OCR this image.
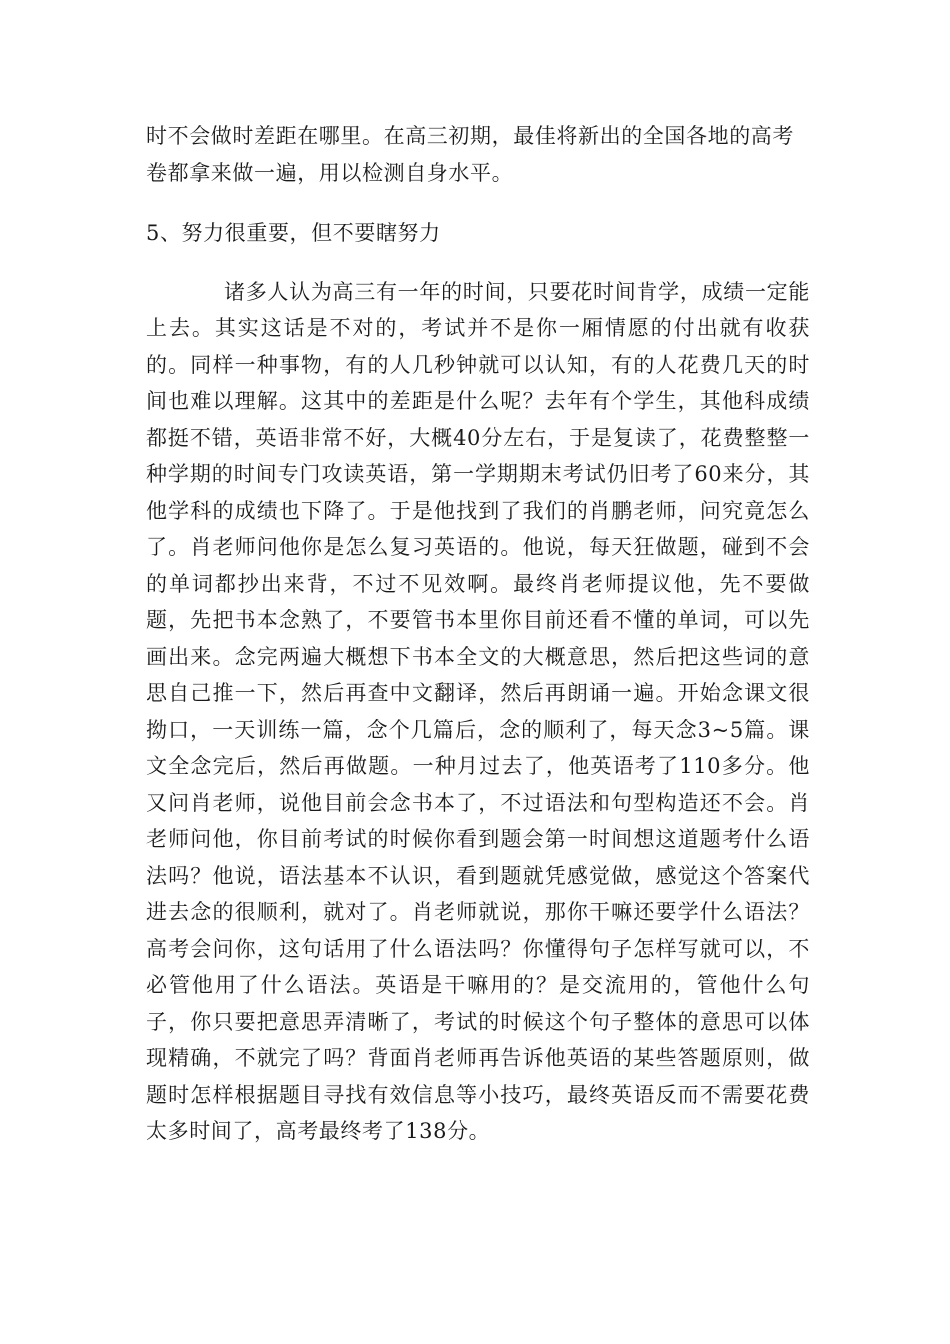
时不会做时差距在哪里。在高三初期，最佳将新出的全国各地的高考卷都拿来做一遍，用以检测自身水平。

5、努力很重要，但不要瞎努力

诸多人认为高三有一年的时间，只要花时间肯学，成绩一定能上去。其实这话是不对的，考试并不是你一厢情愿的付出就有收获的。同样一种事物，有的人几秒钟就可以认知，有的人花费几天的时间也难以理解。这其中的差距是什么呢？去年有个学生，其他科成绩都挺不错，英语非常不好，大概40分左右，于是复读了，花费整整一种学期的时间专门攻读英语，第一学期期末考试仍旧考了60来分，其他学科的成绩也下降了。于是他找到了我们的肖鹏老师，问究竟怎么了。肖老师问他你是怎么复习英语的。他说，每天狂做题，碰到不会的单词都抄出来背，不过不见效啊。最终肖老师提议他，先不要做题，先把书本念熟了，不要管书本里你目前还看不懂的单词，可以先画出来。念完两遍大概想下书本全文的大概意思，然后把这些词的意思自己推一下，然后再查中文翻译，然后再朗诵一遍。开始念课文很拗口，一天训练一篇，念个几篇后，念的顺利了，每天念3~5篇。课文全念完后，然后再做题。一种月过去了，他英语考了110多分。他又问肖老师，说他目前会念书本了，不过语法和句型构造还不会。肖老师问他，你目前考试的时候你看到题会第一时间想这道题考什么语法吗？他说，语法基本不认识，看到题就凭感觉做，感觉这个答案代进去念的很顺利，就对了。肖老师就说，那你干嘛还要学什么语法？高考会问你，这句话用了什么语法吗？你懂得句子怎样写就可以，不必管他用了什么语法。英语是干嘛用的？是交流用的，管他什么句子，你只要把意思弄清晰了，考试的时候这个句子整体的意思可以体现精确，不就完了吗？背面肖老师再告诉他英语的某些答题原则，做题时怎样根据题目寻找有效信息等小技巧，最终英语反而不需要花费太多时间了，高考最终考了138分。
